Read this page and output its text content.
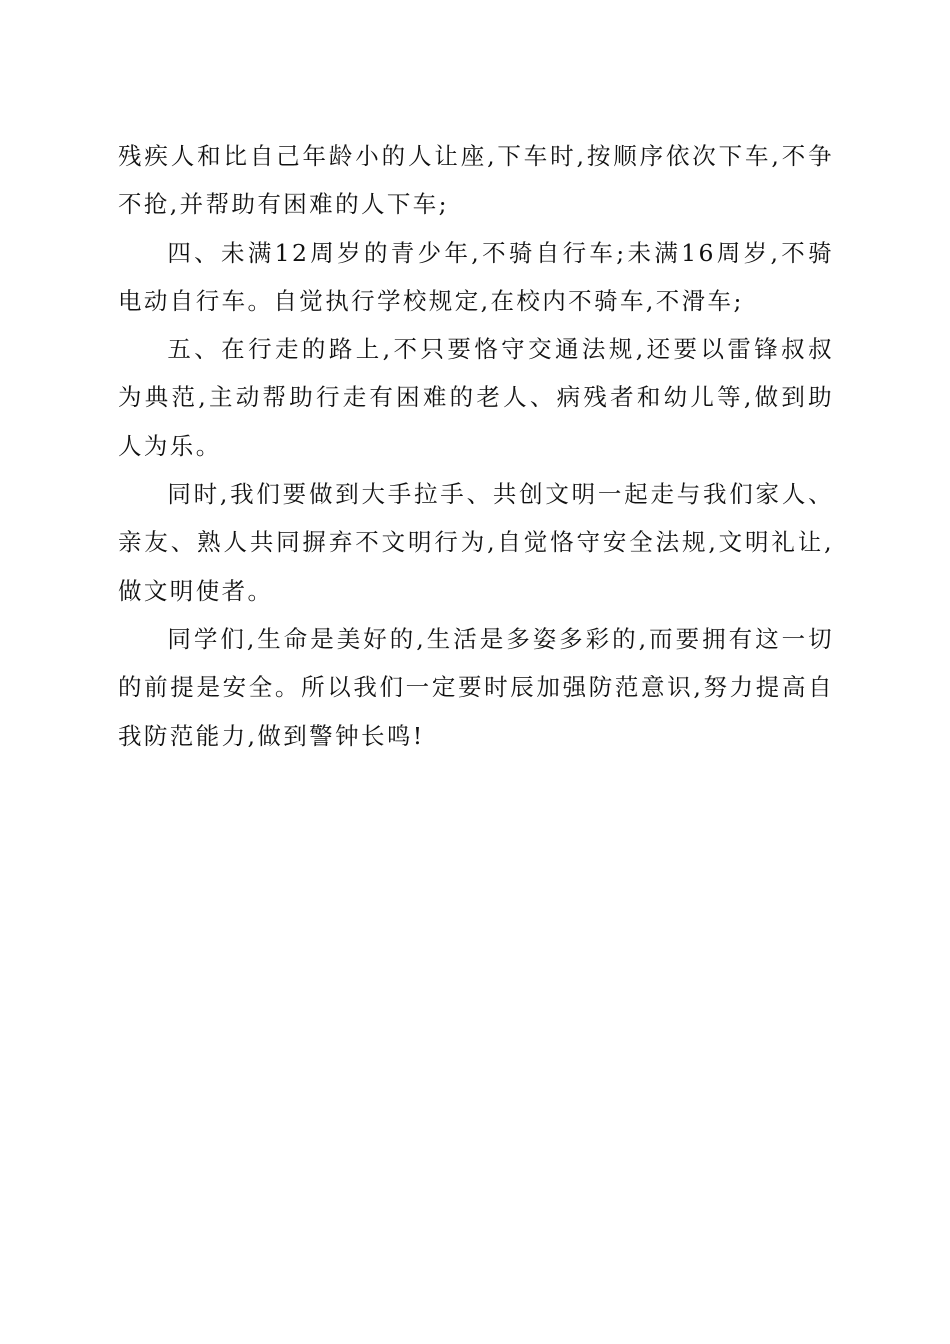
残疾人和比自己年龄小的人让座,下车时,按顺序依次下车,不争不抢,并帮助有困难的人下车;

四、未满12周岁的青少年,不骑自行车;未满16周岁,不骑电动自行车。自觉执行学校规定,在校内不骑车,不滑车;

五、在行走的路上,不只要恪守交通法规,还要以雷锋叔叔为典范,主动帮助行走有困难的老人、病残者和幼儿等,做到助人为乐。

同时,我们要做到大手拉手、共创文明一起走与我们家人、亲友、熟人共同摒弃不文明行为,自觉恪守安全法规,文明礼让,做文明使者。

同学们,生命是美好的,生活是多姿多彩的,而要拥有这一切的前提是安全。所以我们一定要时辰加强防范意识,努力提高自我防范能力,做到警钟长鸣!
